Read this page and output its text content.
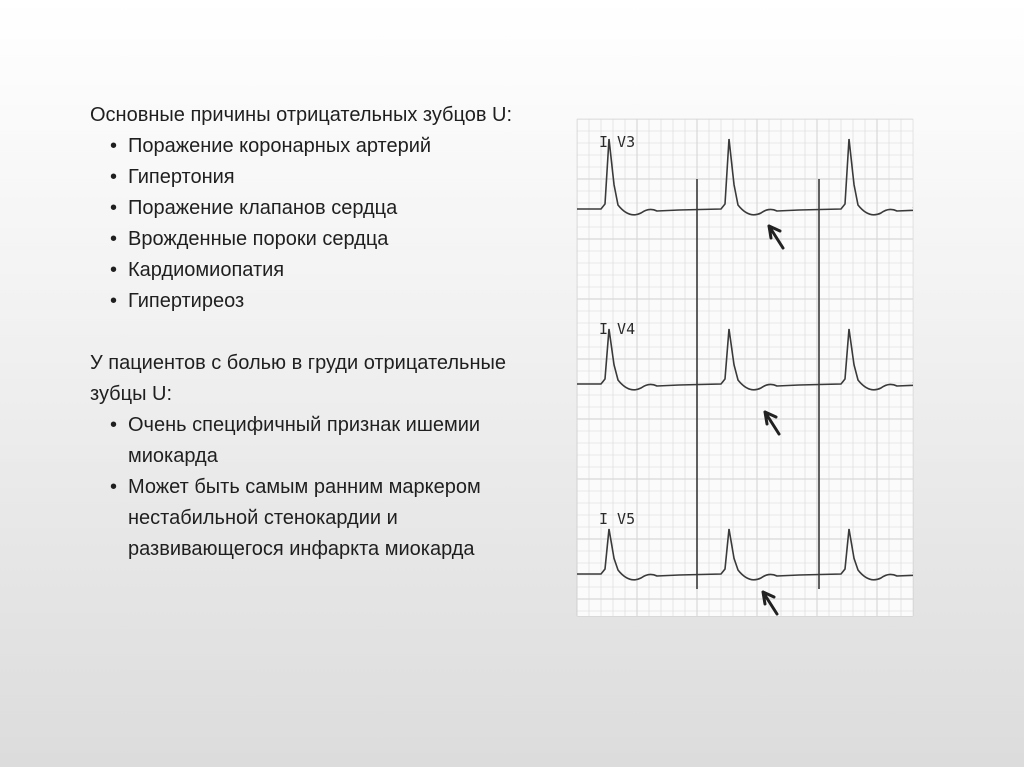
Основные причины отрицательных зубцов U:

• Поражение коронарных артерий
• Гипертония
• Поражение клапанов сердца
• Врожденные пороки сердца
• Кардиомиопатия
• Гипертиреоз

У пациентов с болью в груди отрицательные зубцы U:

• Очень специфичный признак ишемии миокарда
• Может быть самым ранним маркером нестабильной стенокардии и развивающегося инфаркта миокарда
I V3
I V4
I V5
